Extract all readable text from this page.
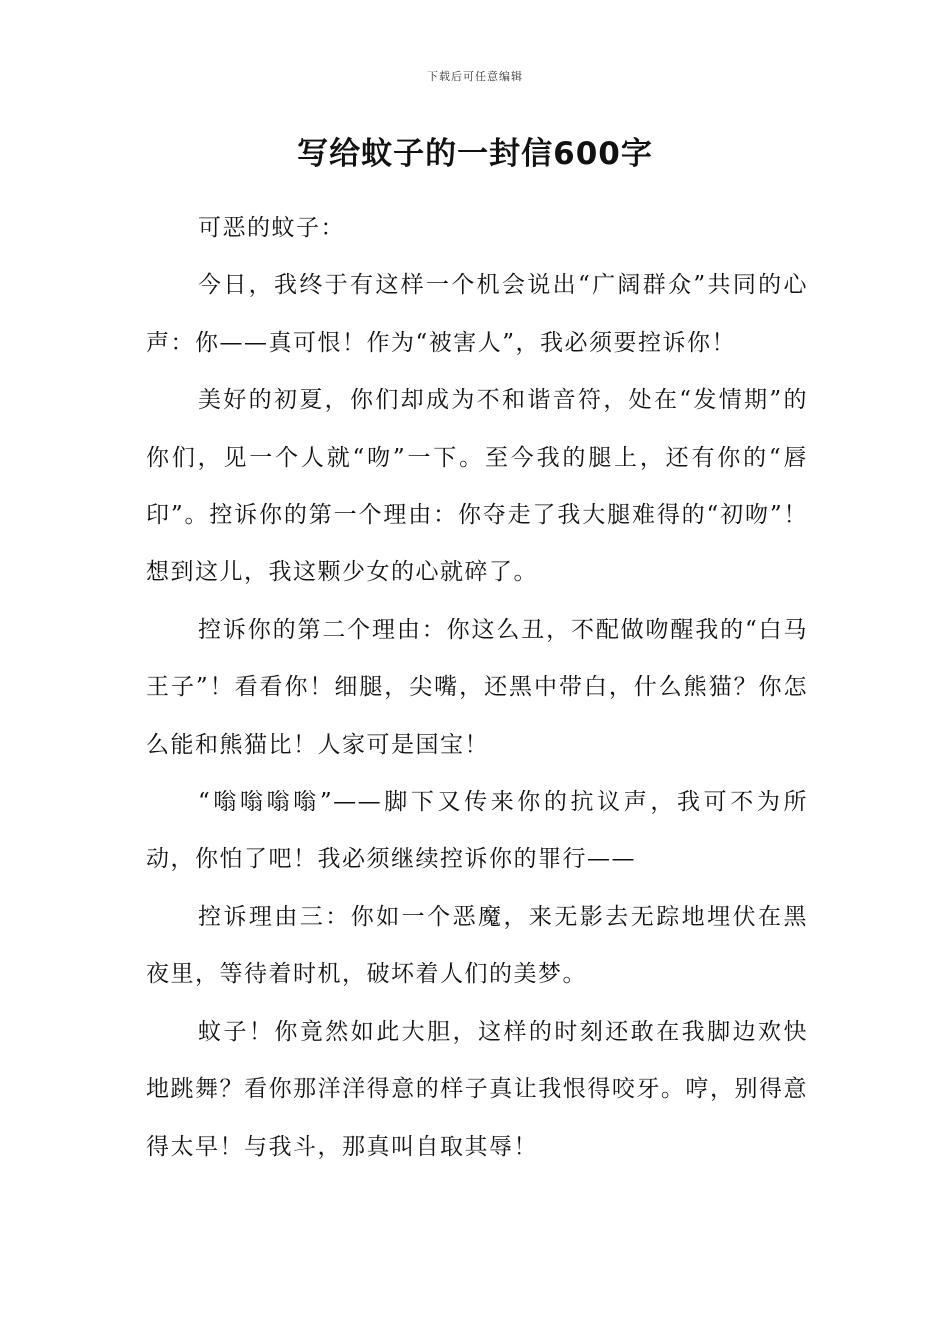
下载后可任意编辑
写给蚊子的一封信600字

可恶的蚊子：

今日，我终于有这样一个机会说出“广阔群众”共同的心声：你——真可恨！作为“被害人”，我必须要控诉你！

美好的初夏，你们却成为不和谐音符，处在“发情期”的你们，见一个人就“吻”一下。至今我的腿上，还有你的“唇印”。控诉你的第一个理由：你夺走了我大腿难得的“初吻”！想到这儿，我这颗少女的心就碎了。

控诉你的第二个理由：你这么丑，不配做吻醒我的“白马王子”！看看你！细腿，尖嘴，还黑中带白，什么熊猫？你怎么能和熊猫比！人家可是国宝！

“嗡嗡嗡嗡”——脚下又传来你的抗议声，我可不为所动，你怕了吧！我必须继续控诉你的罪行——

控诉理由三：你如一个恶魔，来无影去无踪地埋伏在黑夜里，等待着时机，破坏着人们的美梦。

蚊子！你竟然如此大胆，这样的时刻还敢在我脚边欢快地跳舞？看你那洋洋得意的样子真让我恨得咬牙。哼，别得意得太早！与我斗，那真叫自取其辱！
